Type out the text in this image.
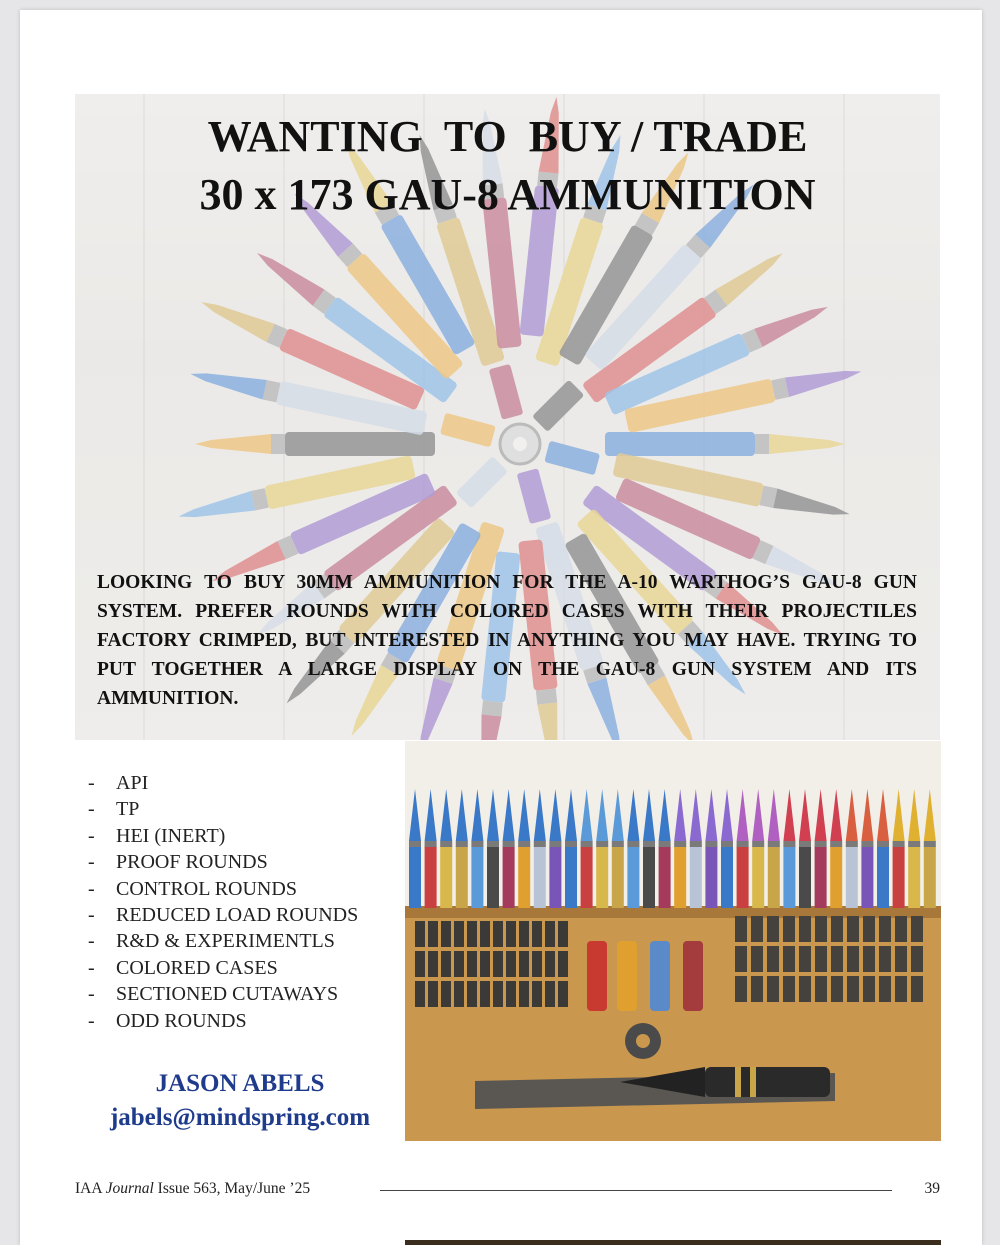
WANTING  TO  BUY / TRADE
30 x 173 GAU-8 AMMUNITION
LOOKING TO BUY 30MM AMMUNITION FOR THE A-10 WARTHOG’S GAU-8 GUN SYSTEM. PREFER ROUNDS WITH COLORED CASES WITH THEIR PROJECTILES FACTORY CRIMPED, BUT INTERESTED IN ANYTHING YOU MAY HAVE. TRYING TO PUT TOGETHER A LARGE DISPLAY ON THE GAU-8 GUN SYSTEM AND ITS AMMUNITION.
- API
- TP
- HEI (INERT)
- PROOF ROUNDS
- CONTROL ROUNDS
- REDUCED LOAD ROUNDS
- R&D & EXPERIMENTLS
- COLORED CASES
- SECTIONED CUTAWAYS
- ODD ROUNDS
JASON ABELS
jabels@mindspring.com
IAA Journal Issue 563, May/June ’25	39
